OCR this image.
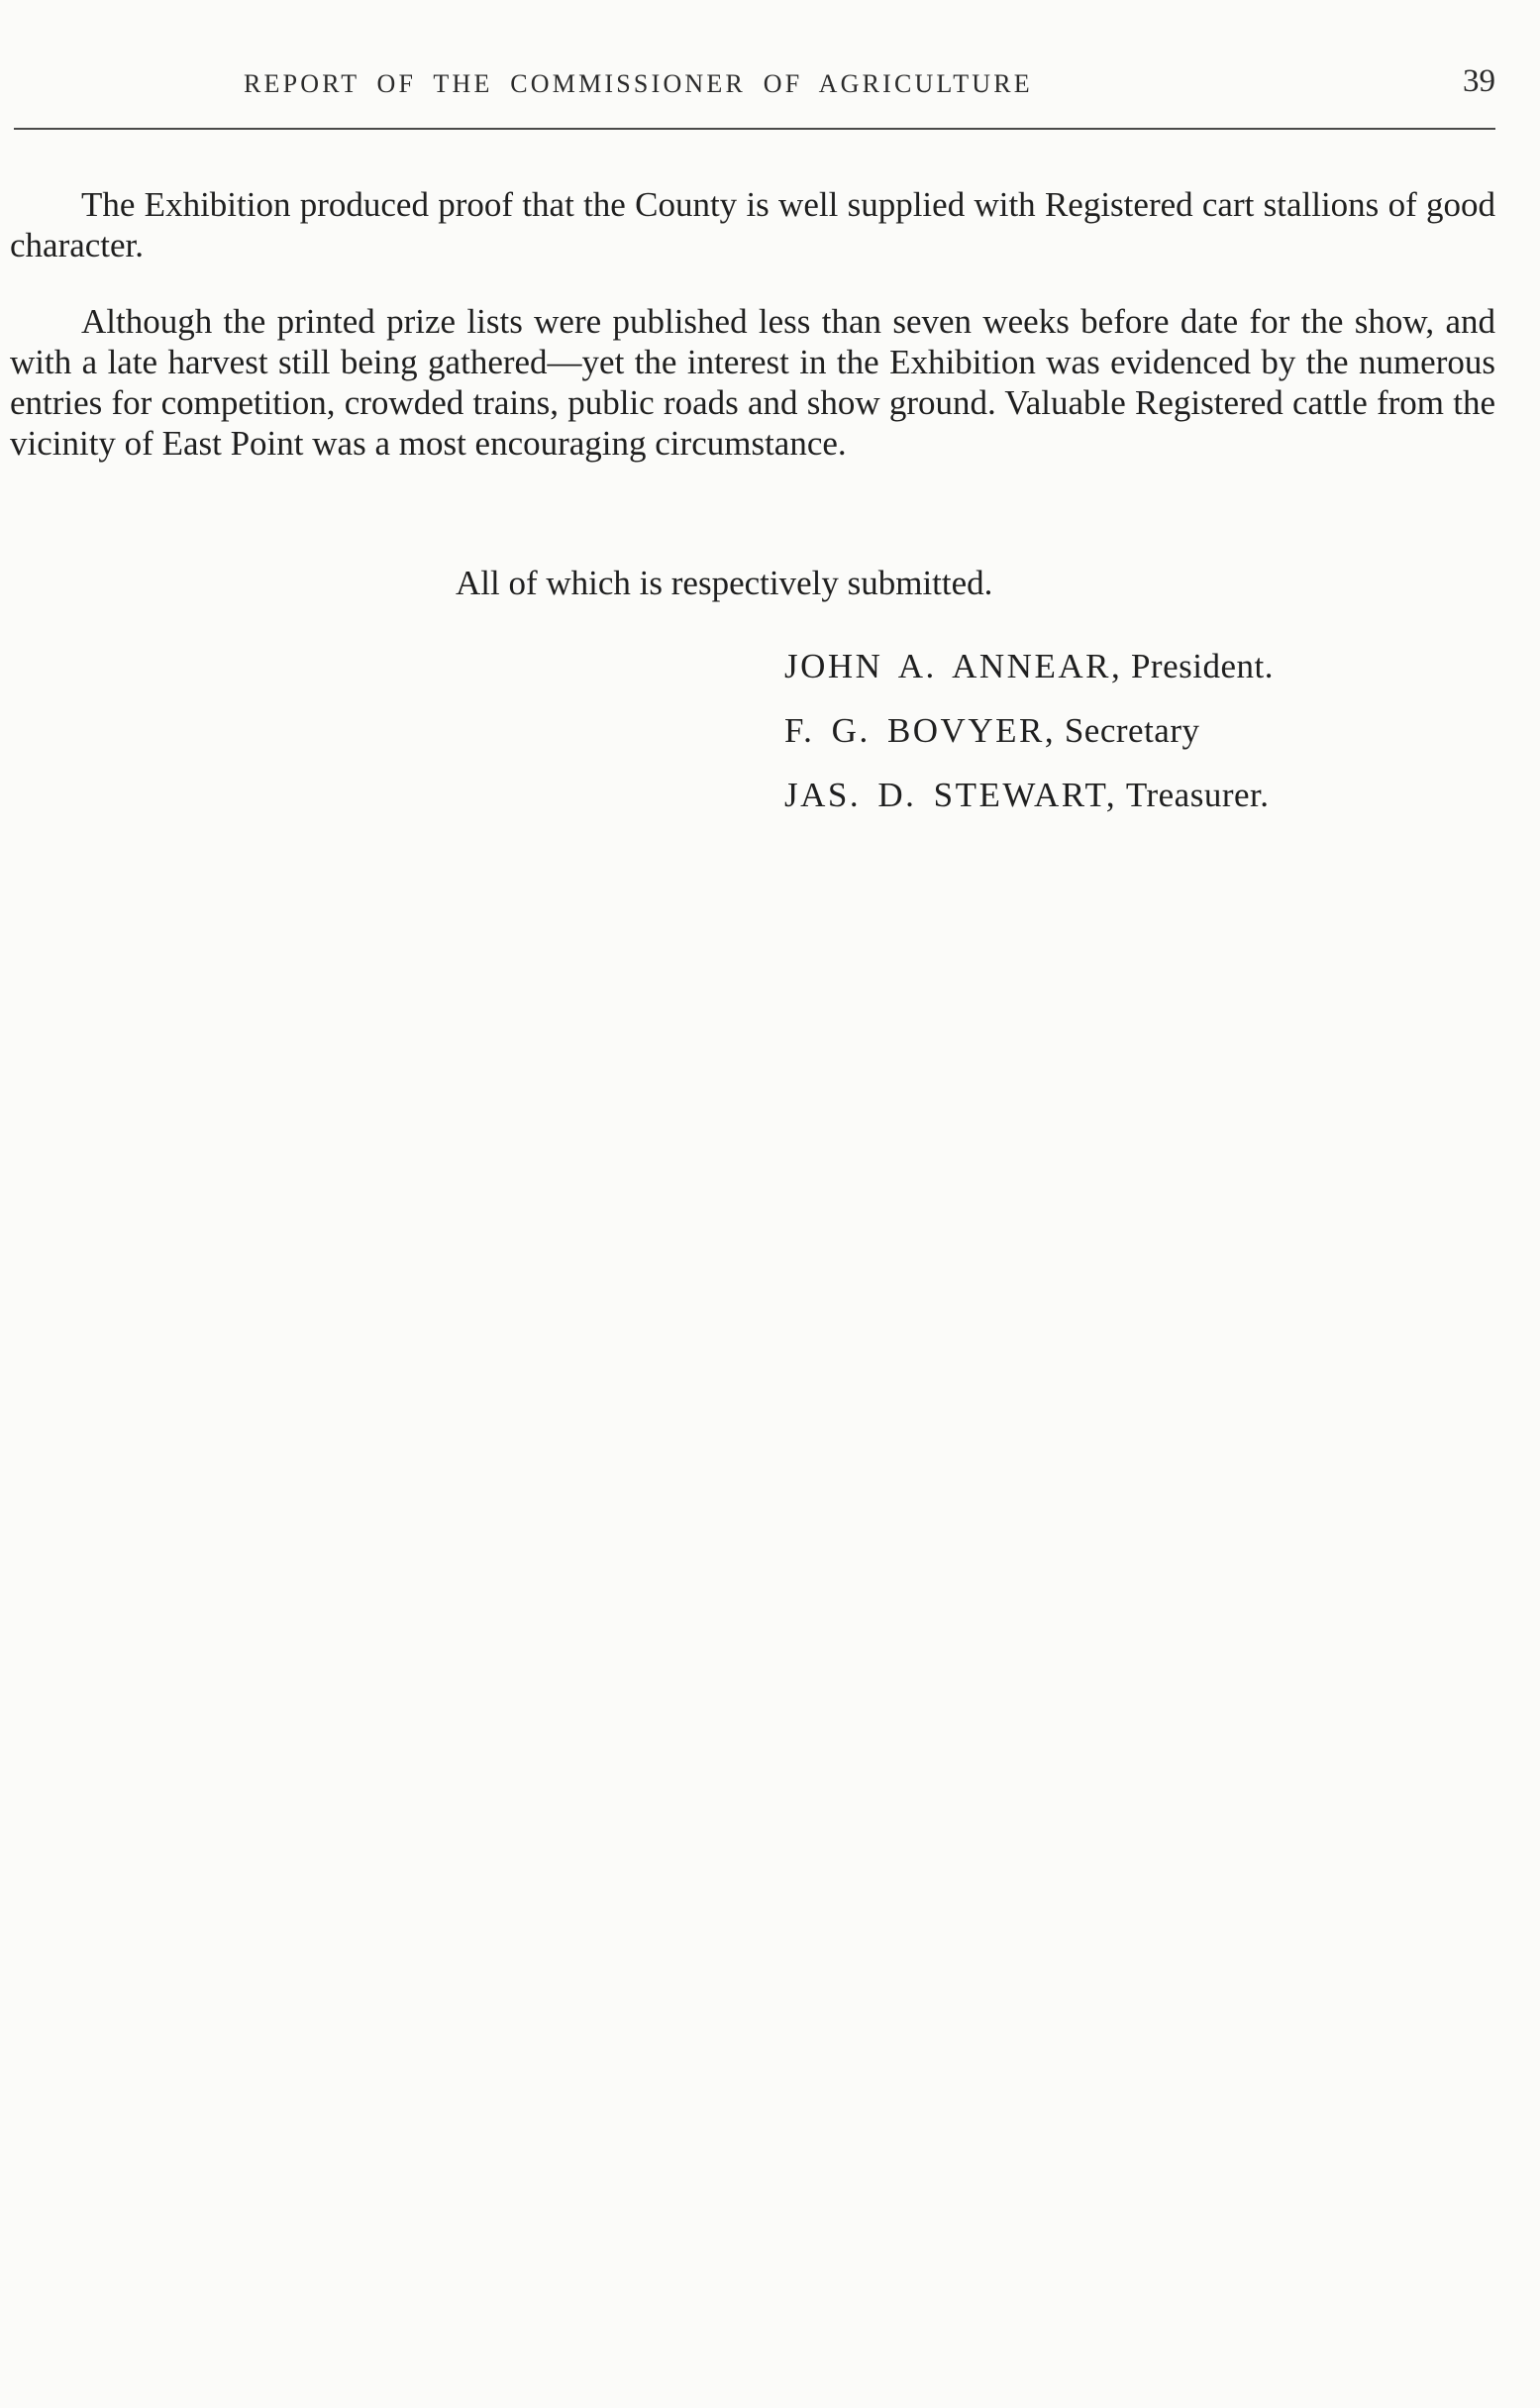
REPORT OF THE COMMISSIONER OF AGRICULTURE	39

The Exhibition produced proof that the County is well supplied with Registered cart stallions of good character.

Although the printed prize lists were published less than seven weeks before date for the show, and with a late harvest still being gathered—yet the interest in the Exhibition was evidenced by the numerous entries for competition, crowded trains, public roads and show ground. Valuable Registered cattle from the vicinity of East Point was a most encouraging circumstance.

All of which is respectively submitted.
JOHN A. ANNEAR, President.
F. G. BOVYER, Secretary
JAS. D. STEWART, Treasurer.
